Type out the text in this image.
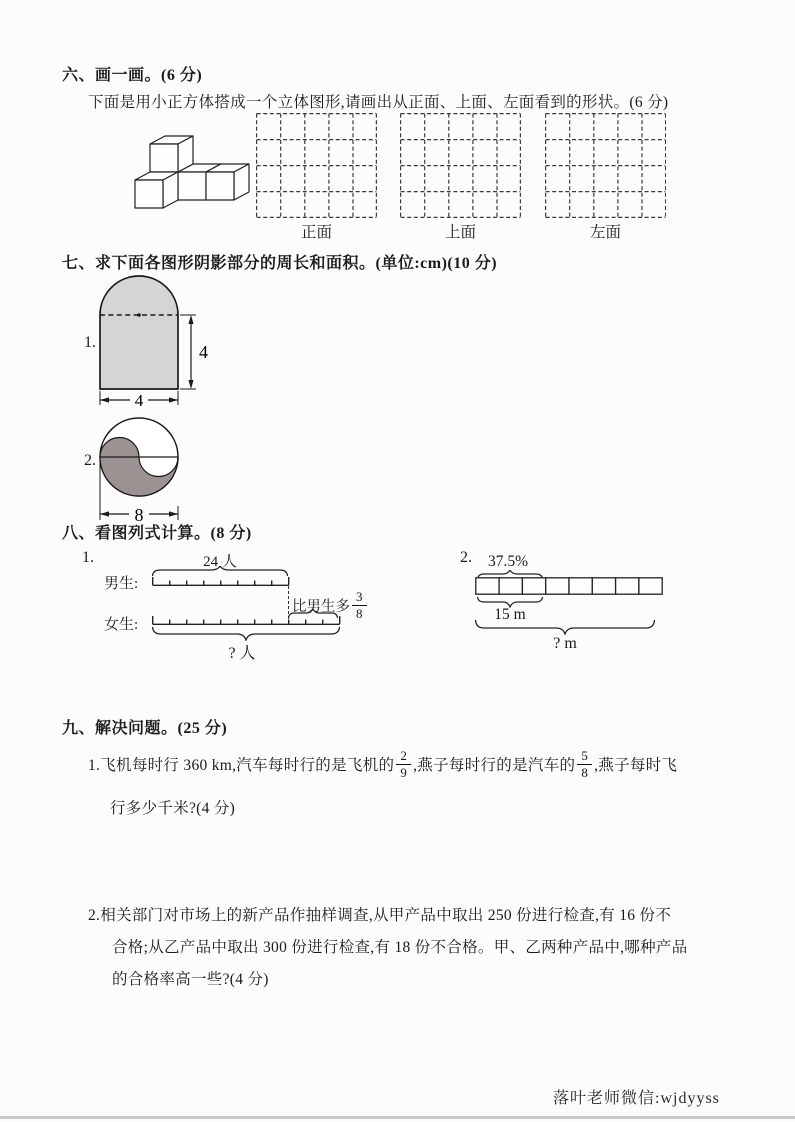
六、画一画。(6 分)
下面是用小正方体搭成一个立体图形,请画出从正面、上面、左面看到的形状。(6 分)
正面	上面	左面
七、求下面各图形阴影部分的周长和面积。(单位:cm)(10 分)
1.	4
4
2.
8
八、看图列式计算。(8 分)
1.	24 人
男生:
比男生多 $\frac{3}{8}$
女生:
? 人
2. 37.5%
15 m
? m
九、解决问题。(25 分)
1.飞机每时行 360 km,汽车每时行的是飞机的 $\frac{2}{9}$ ,燕子每时行的是汽车的 $\frac{5}{8}$ ,燕子每时飞
行多少千米?(4 分)
2.相关部门对市场上的新产品作抽样调查,从甲产品中取出 250 份进行检查,有 16 份不
合格;从乙产品中取出 300 份进行检查,有 18 份不合格。甲、乙两种产品中,哪种产品
的合格率高一些?(4 分)
落叶老师微信:wjdyyss
